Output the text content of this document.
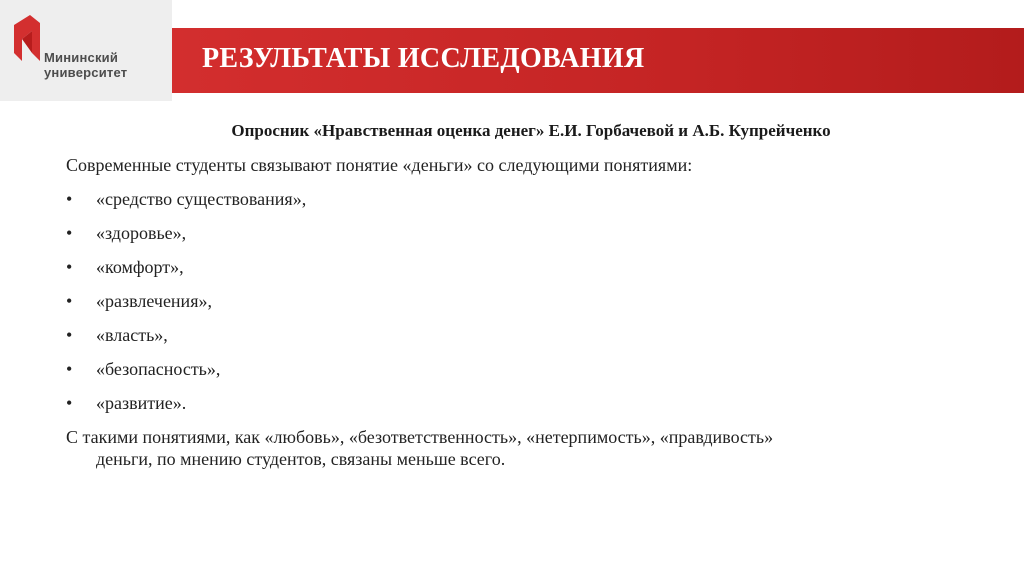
Мининский
университет	РЕЗУЛЬТАТЫ ИССЛЕДОВАНИЯ

Опросник «Нравственная оценка денег» Е.И. Горбачевой и А.Б. Купрейченко

Современные студенты связывают понятие «деньги» со следующими понятиями:

•	«средство существования»,
•	«здоровье»,
•	«комфорт»,
•	«развлечения»,
•	«власть»,
•	«безопасность»,
•	«развитие».

С такими понятиями, как «любовь», «безответственность», «нетерпимость», «правдивость»
деньги, по мнению студентов, связаны меньше всего.
